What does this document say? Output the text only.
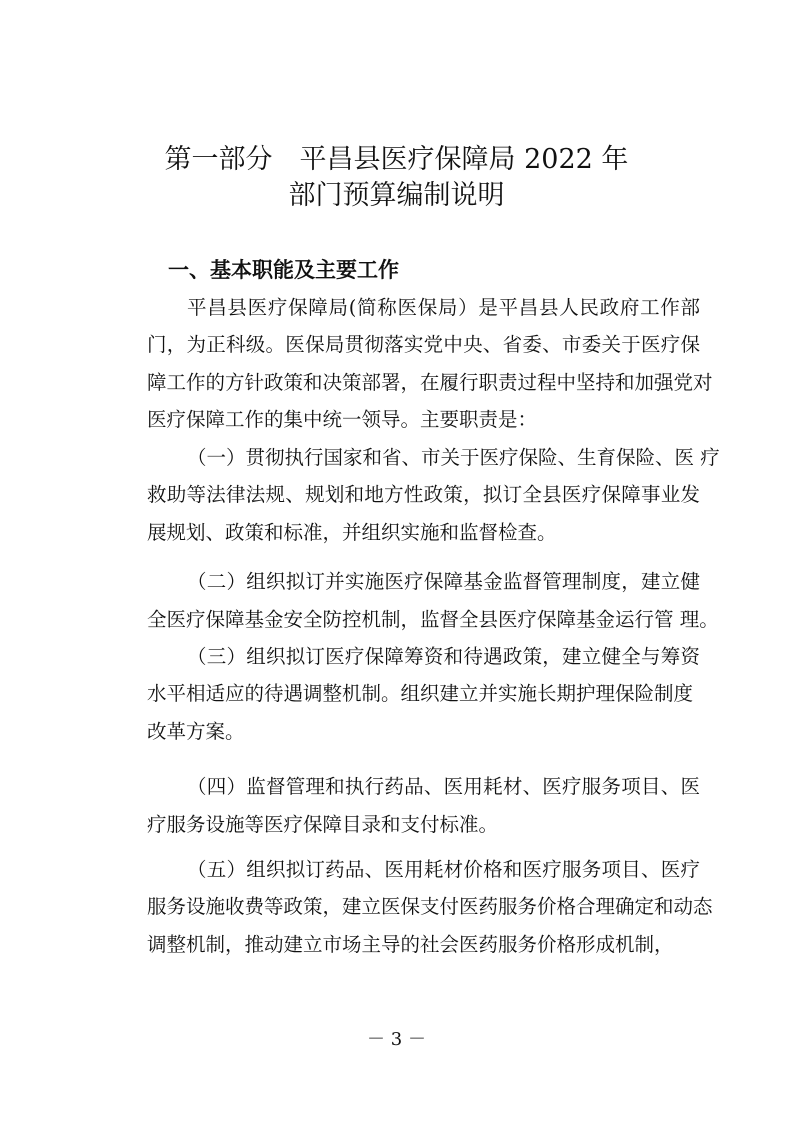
第一部分　平昌县医疗保障局 2022 年
部门预算编制说明
一、基本职能及主要工作
平昌县医疗保障局(简称医保局）是平昌县人民政府工作部
门，为正科级。医保局贯彻落实党中央、省委、市委关于医疗保
障工作的方针政策和决策部署，在履行职责过程中坚持和加强党对
医疗保障工作的集中统一领导。主要职责是：
（一）贯彻执行国家和省、市关于医疗保险、生育保险、医 疗
救助等法律法规、规划和地方性政策，拟订全县医疗保障事业发
展规划、政策和标准，并组织实施和监督检查。
（二）组织拟订并实施医疗保障基金监督管理制度，建立健
全医疗保障基金安全防控机制，监督全县医疗保障基金运行管 理。
（三）组织拟订医疗保障筹资和待遇政策，建立健全与筹资
水平相适应的待遇调整机制。组织建立并实施长期护理保险制度
改革方案。
（四）监督管理和执行药品、医用耗材、医疗服务项目、医
疗服务设施等医疗保障目录和支付标准。
（五）组织拟订药品、医用耗材价格和医疗服务项目、医疗
服务设施收费等政策，建立医保支付医药服务价格合理确定和动态
调整机制，推动建立市场主导的社会医药服务价格形成机制，
－ 3 －
